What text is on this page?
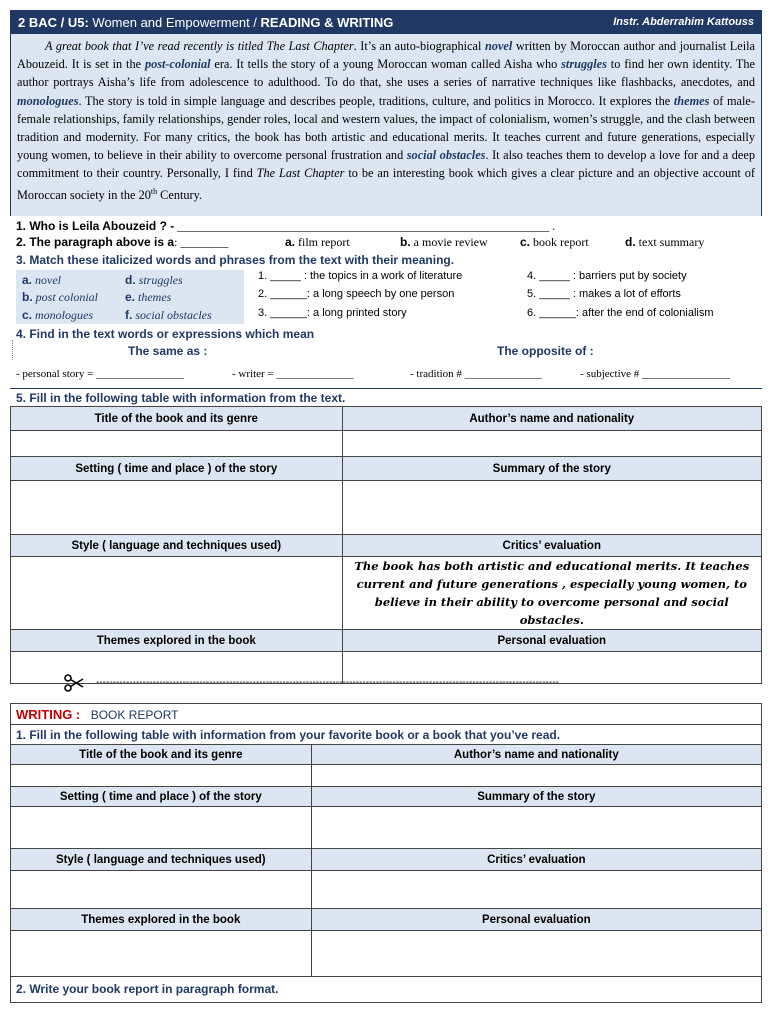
2 BAC / U5: Women and Empowerment / READING & WRITING	Instr. Abderrahim Kattouss
A great book that I’ve read recently is titled The Last Chapter. It’s an auto-biographical novel written by Moroccan author and journalist Leila Abouzeid. It is set in the post-colonial era. It tells the story of a young Moroccan woman called Aisha who struggles to find her own identity. The author portrays Aisha’s life from adolescence to adulthood. To do that, she uses a series of narrative techniques like flashbacks, anecdotes, and monologues. The story is told in simple language and describes people, traditions, culture, and politics in Morocco. It explores the themes of male-female relationships, family relationships, gender roles, local and western values, the impact of colonialism, women’s struggle, and the clash between tradition and modernity. For many critics, the book has both artistic and educational merits. It teaches current and future generations, especially young women, to believe in their ability to overcome personal frustration and social obstacles. It also teaches them to develop a love for and a deep commitment to their country. Personally, I find The Last Chapter to be an interesting book which gives a clear picture and an objective account of Moroccan society in the 20th Century.
1. Who is Leila Abouzeid ? - ______________________________________________________________ .
2. The paragraph above is a: ________	a. film report	b. a movie review	c. book report	d. text summary
3. Match these italicized words and phrases from the text with their meaning.
a. novel	d. struggles
b. post colonial e. themes
c. monologues	f. social obstacles
1. _____ : the topics in a work of literature	4. _____ : barriers put by society
2. ______: a long speech by one person	5. _____ : makes a lot of efforts
3. ______: a long printed story	6. ______: after the end of colonialism
4. Find in the text words or expressions which mean
The same as :	The opposite of :
- personal story = ________________	- writer = ______________	- tradition # ______________	- subjective # ________________
5. Fill in the following table with information from the text.
Title of the book and its genre	Author’s name and nationality

Setting ( time and place ) of the story	Summary of the story

Style ( language and techniques used)	Critics’ evaluation
	The book has both artistic and educational merits. It teaches current and future generations , especially young women, to believe in their ability to overcome personal and social obstacles.
Themes explored in the book	Personal evaluation

-------------------------------------------------------------------------------------------------------------------------------------------
WRITING : BOOK REPORT
1. Fill in the following table with information from your favorite book or a book that you’ve read.
Title of the book and its genre	Author’s name and nationality

Setting ( time and place ) of the story	Summary of the story

Style ( language and techniques used)	Critics’ evaluation

Themes explored in the book	Personal evaluation

2. Write your book report in paragraph format.
